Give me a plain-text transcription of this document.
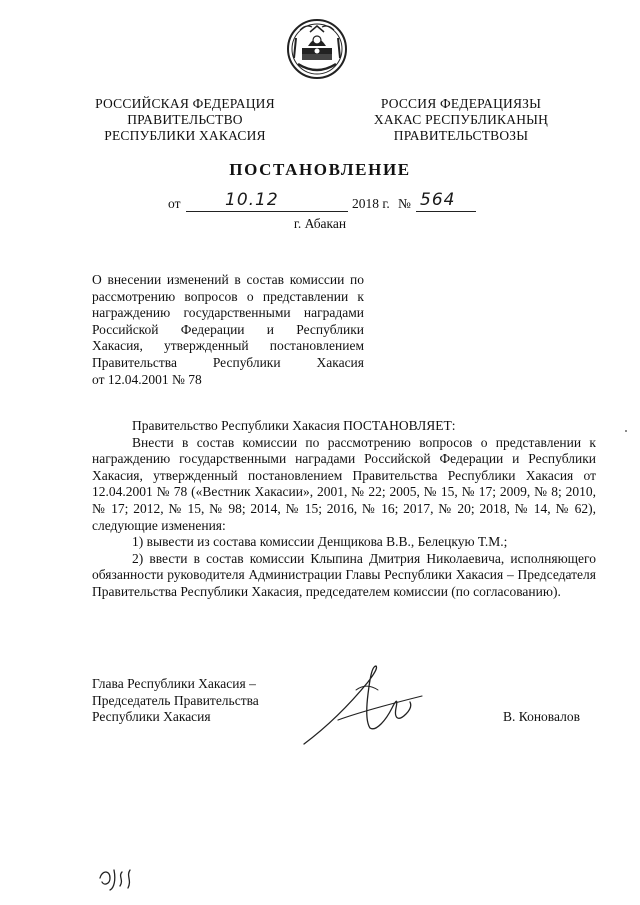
РОССИЙСКАЯ ФЕДЕРАЦИЯ
ПРАВИТЕЛЬСТВО
РЕСПУБЛИКИ ХАКАСИЯ
РОССИЯ ФЕДЕРАЦИЯЗЫ
ХАКАС РЕСПУБЛИКАНЫҢ
ПРАВИТЕЛЬСТВОЗЫ
ПОСТАНОВЛЕНИЕ
от	10.12	2018 г. № 564
г. Абакан
О внесении изменений в состав комиссии по
рассмотрению вопросов о представлении к
награждению государственными наградами
Российской Федерации и Республики
Хакасия, утвержденный постановлением
Правительства Республики Хакасия
от 12.04.2001 № 78

Правительство Республики Хакасия ПОСТАНОВЛЯЕТ:

Внести в состав комиссии по рассмотрению вопросов о представлении к награждению государственными наградами Российской Федерации и Республики Хакасия, утвержденный постановлением Правительства Республики Хакасия от 12.04.2001 № 78 («Вестник Хакасии», 2001, № 22; 2005, № 15, № 17; 2009, № 8; 2010, № 17; 2012, № 15, № 98; 2014, № 15; 2016, № 16; 2017, № 20; 2018, № 14, № 62), следующие изменения:

1) вывести из состава комиссии Денщикова В.В., Белецкую Т.М.;

2) ввести в состав комиссии Клыпина Дмитрия Николаевича, исполняющего обязанности руководителя Администрации Главы Республики Хакасия – Председателя Правительства Республики Хакасия, председателем комиссии (по согласованию).

Глава Республики Хакасия –
Председатель Правительства
Республики Хакасия	В. Коновалов
